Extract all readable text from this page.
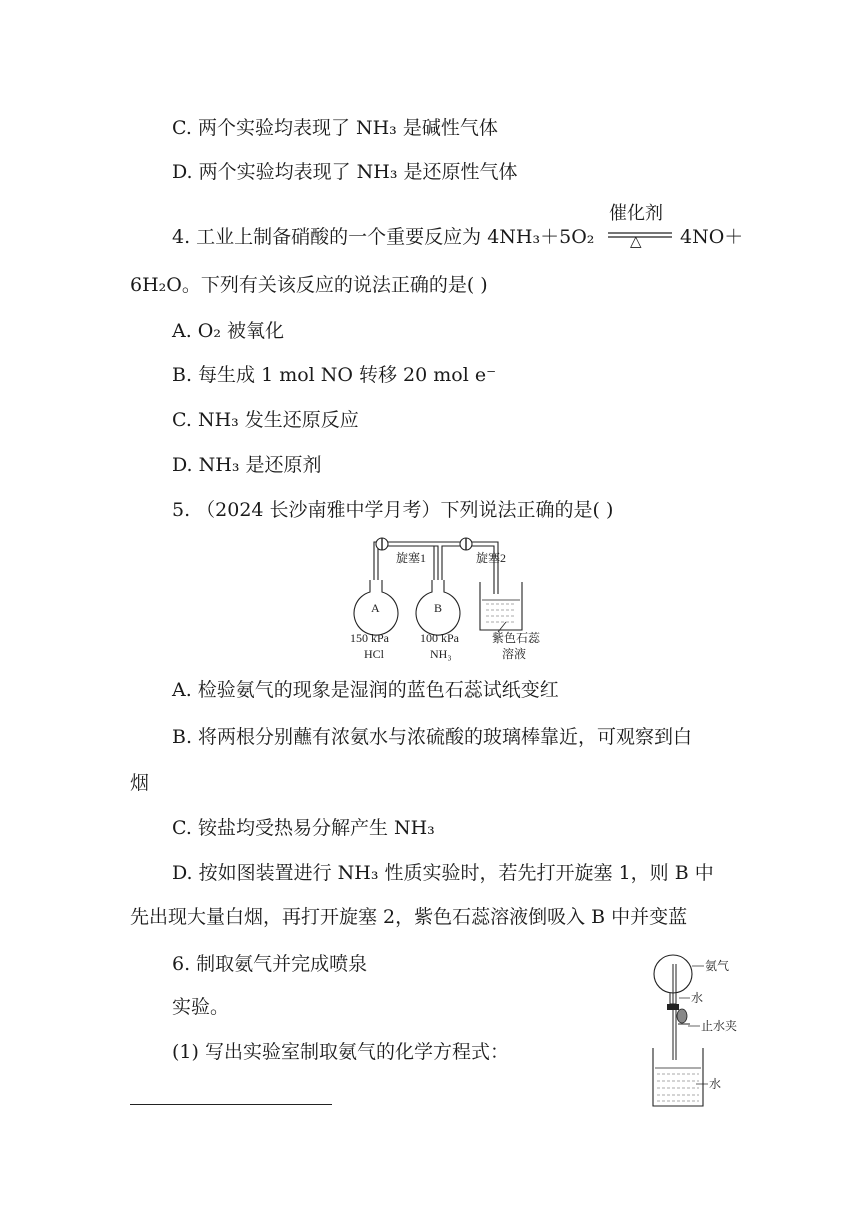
C. 两个实验均表现了 NH₃ 是碱性气体
D. 两个实验均表现了 NH₃ 是还原性气体
4. 工业上制备硝酸的一个重要反应为 4NH₃＋5O₂
催化剂
△ 4NO＋
6H₂O。下列有关该反应的说法正确的是( )
A. O₂ 被氧化
B. 每生成 1 mol NO 转移 20 mol e⁻
C. NH₃ 发生还原反应
D. NH₃ 是还原剂
5. （2024 长沙南雅中学月考）下列说法正确的是( )
旋塞1	旋塞2
A	B
150 kPa
HCl
100 kPa
NH₃
紫色石蕊
溶液
A. 检验氨气的现象是湿润的蓝色石蕊试纸变红
B. 将两根分别蘸有浓氨水与浓硫酸的玻璃棒靠近，可观察到白
烟
C. 铵盐均受热易分解产生 NH₃
D. 按如图装置进行 NH₃ 性质实验时，若先打开旋塞 1，则 B 中
先出现大量白烟，再打开旋塞 2，紫色石蕊溶液倒吸入 B 中并变蓝
6. 制取氨气并完成喷泉
实验。
(1) 写出实验室制取氨气的化学方程式：
氨气
水
止水夹
水
